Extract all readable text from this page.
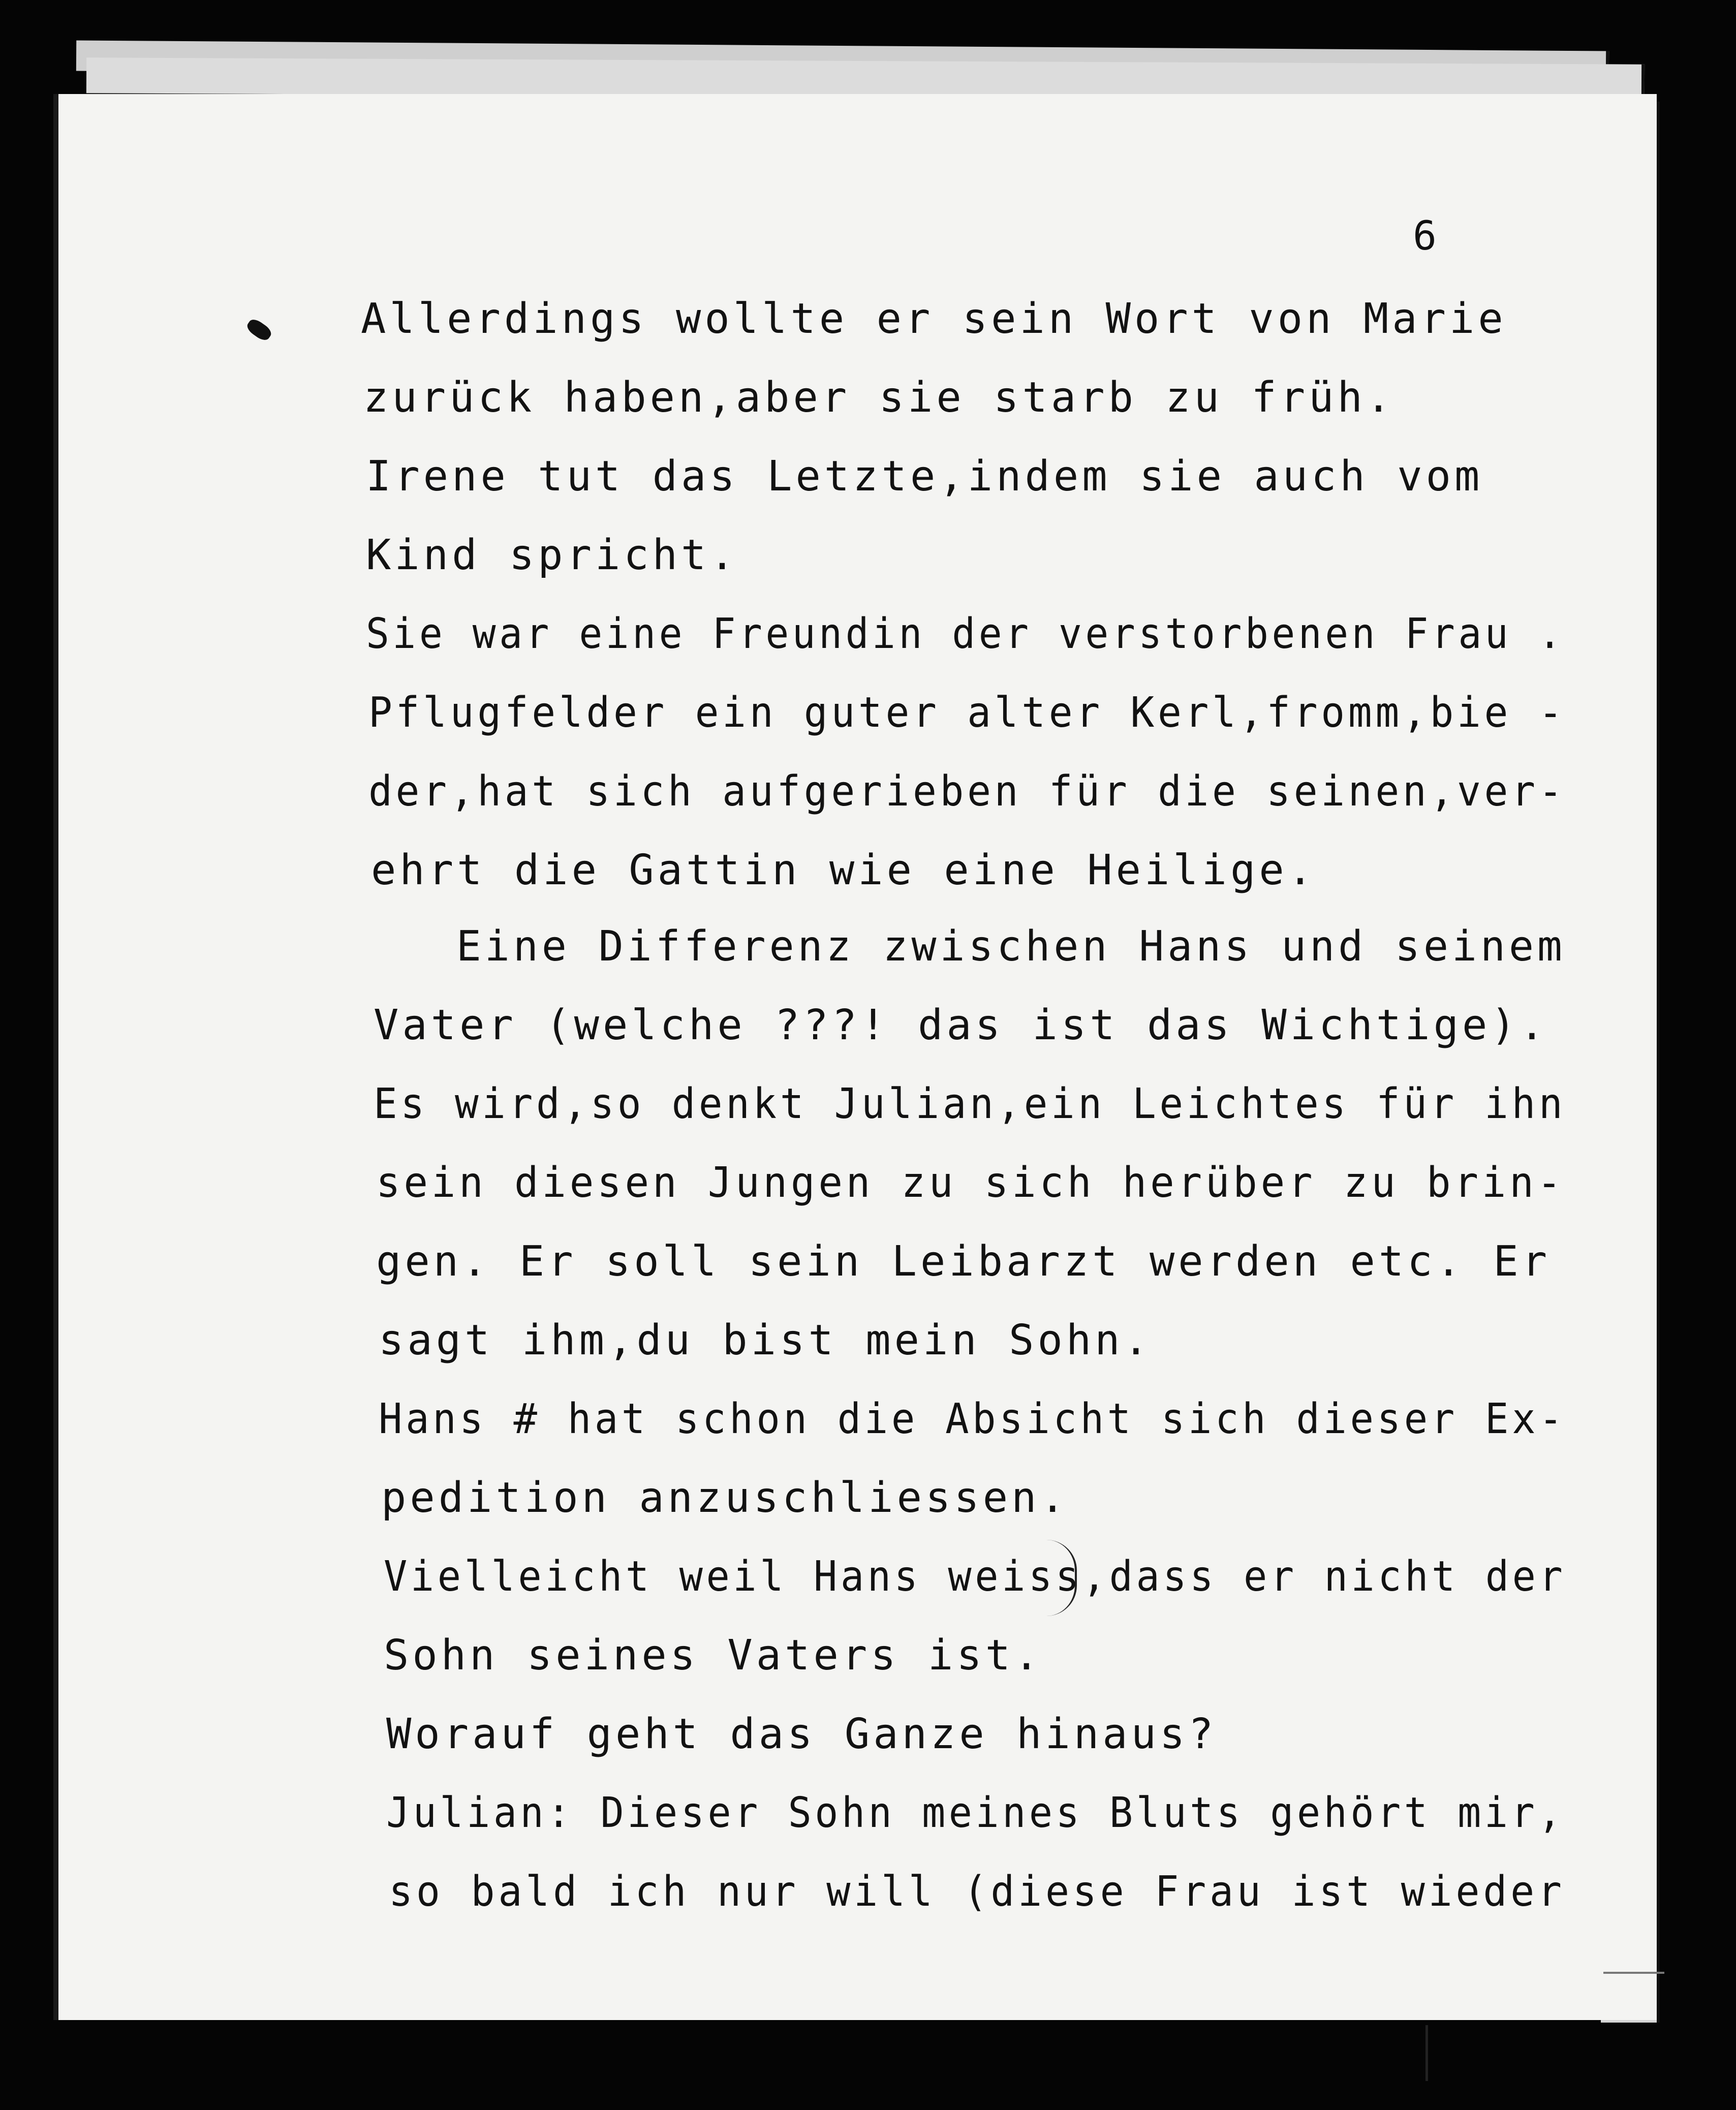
6
Allerdings wollte er sein Wort von Marie
zurück haben,aber sie starb zu früh.
Irene tut das Letzte,indem sie auch vom
Kind spricht.
Sie war eine Freundin der verstorbenen Frau .
Pflugfelder ein guter alter Kerl,fromm,bie -
der,hat sich aufgerieben für die seinen,ver-
ehrt die Gattin wie eine Heilige.
Eine Differenz zwischen Hans und seinem
Vater (welche ???! das ist das Wichtige).
Es wird,so denkt Julian,ein Leichtes für ihn
sein diesen Jungen zu sich herüber zu brin-
gen. Er soll sein Leibarzt werden etc. Er
sagt ihm,du bist mein Sohn.
Hans # hat schon die Absicht sich dieser Ex-
pedition anzuschliessen.
Vielleicht weil Hans weiss,dass er nicht der
Sohn seines Vaters ist.
Worauf geht das Ganze hinaus?
Julian: Dieser Sohn meines Bluts gehört mir,
so bald ich nur will (diese Frau ist wieder
